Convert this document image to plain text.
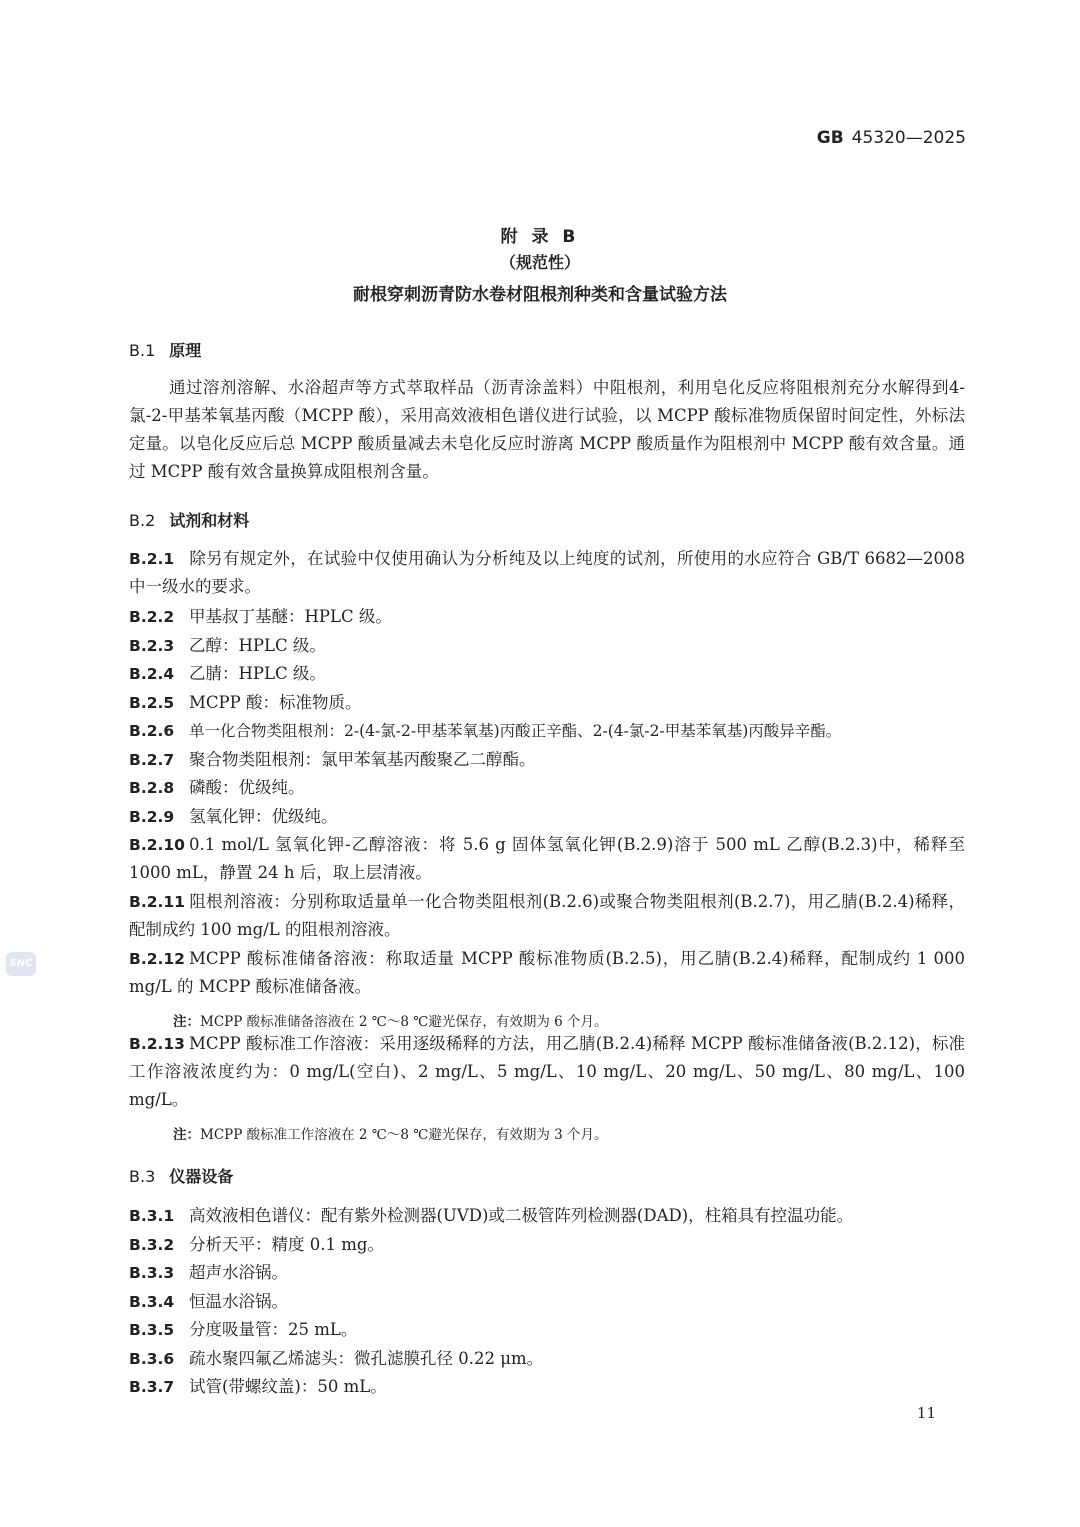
GB 45320—2025
附 录 B
（规范性）
耐根穿刺沥青防水卷材阻根剂种类和含量试验方法
B.1 原理
通过溶剂溶解、水浴超声等方式萃取样品（沥青涂盖料）中阻根剂，利用皂化反应将阻根剂充分水解得到4-氯-2-甲基苯氧基丙酸（MCPP 酸），采用高效液相色谱仪进行试验，以 MCPP 酸标准物质保留时间定性，外标法定量。以皂化反应后总 MCPP 酸质量减去未皂化反应时游离 MCPP 酸质量作为阻根剂中 MCPP 酸有效含量。通过 MCPP 酸有效含量换算成阻根剂含量。
B.2 试剂和材料
B.2.1 除另有规定外，在试验中仅使用确认为分析纯及以上纯度的试剂，所使用的水应符合 GB/T 6682—2008 中一级水的要求。
B.2.2 甲基叔丁基醚：HPLC 级。
B.2.3 乙醇：HPLC 级。
B.2.4 乙腈：HPLC 级。
B.2.5 MCPP 酸：标准物质。
B.2.6 单一化合物类阻根剂：2-(4-氯-2-甲基苯氧基)丙酸正辛酯、2-(4-氯-2-甲基苯氧基)丙酸异辛酯。
B.2.7 聚合物类阻根剂：氯甲苯氧基丙酸聚乙二醇酯。
B.2.8 磷酸：优级纯。
B.2.9 氢氧化钾：优级纯。
B.2.10 0.1 mol/L 氢氧化钾-乙醇溶液：将 5.6 g 固体氢氧化钾(B.2.9)溶于 500 mL 乙醇(B.2.3)中，稀释至 1000 mL，静置 24 h 后，取上层清液。
B.2.11 阻根剂溶液：分别称取适量单一化合物类阻根剂(B.2.6)或聚合物类阻根剂(B.2.7)，用乙腈(B.2.4)稀释，配制成约 100 mg/L 的阻根剂溶液。
B.2.12 MCPP 酸标准储备溶液：称取适量 MCPP 酸标准物质(B.2.5)，用乙腈(B.2.4)稀释，配制成约 1 000 mg/L 的 MCPP 酸标准储备液。
注：MCPP 酸标准储备溶液在 2 ℃～8 ℃避光保存，有效期为 6 个月。
B.2.13 MCPP 酸标准工作溶液：采用逐级稀释的方法，用乙腈(B.2.4)稀释 MCPP 酸标准储备液(B.2.12)，标准工作溶液浓度约为：0 mg/L(空白)、2 mg/L、5 mg/L、10 mg/L、20 mg/L、50 mg/L、80 mg/L、100 mg/L。
注：MCPP 酸标准工作溶液在 2 ℃～8 ℃避光保存，有效期为 3 个月。
B.3 仪器设备
B.3.1 高效液相色谱仪：配有紫外检测器(UVD)或二极管阵列检测器(DAD)，柱箱具有控温功能。
B.3.2 分析天平：精度 0.1 mg。
B.3.3 超声水浴锅。
B.3.4 恒温水浴锅。
B.3.5 分度吸量管：25 mL。
B.3.6 疏水聚四氟乙烯滤头：微孔滤膜孔径 0.22 μm。
B.3.7 试管(带螺纹盖)：50 mL。
11
SNC
